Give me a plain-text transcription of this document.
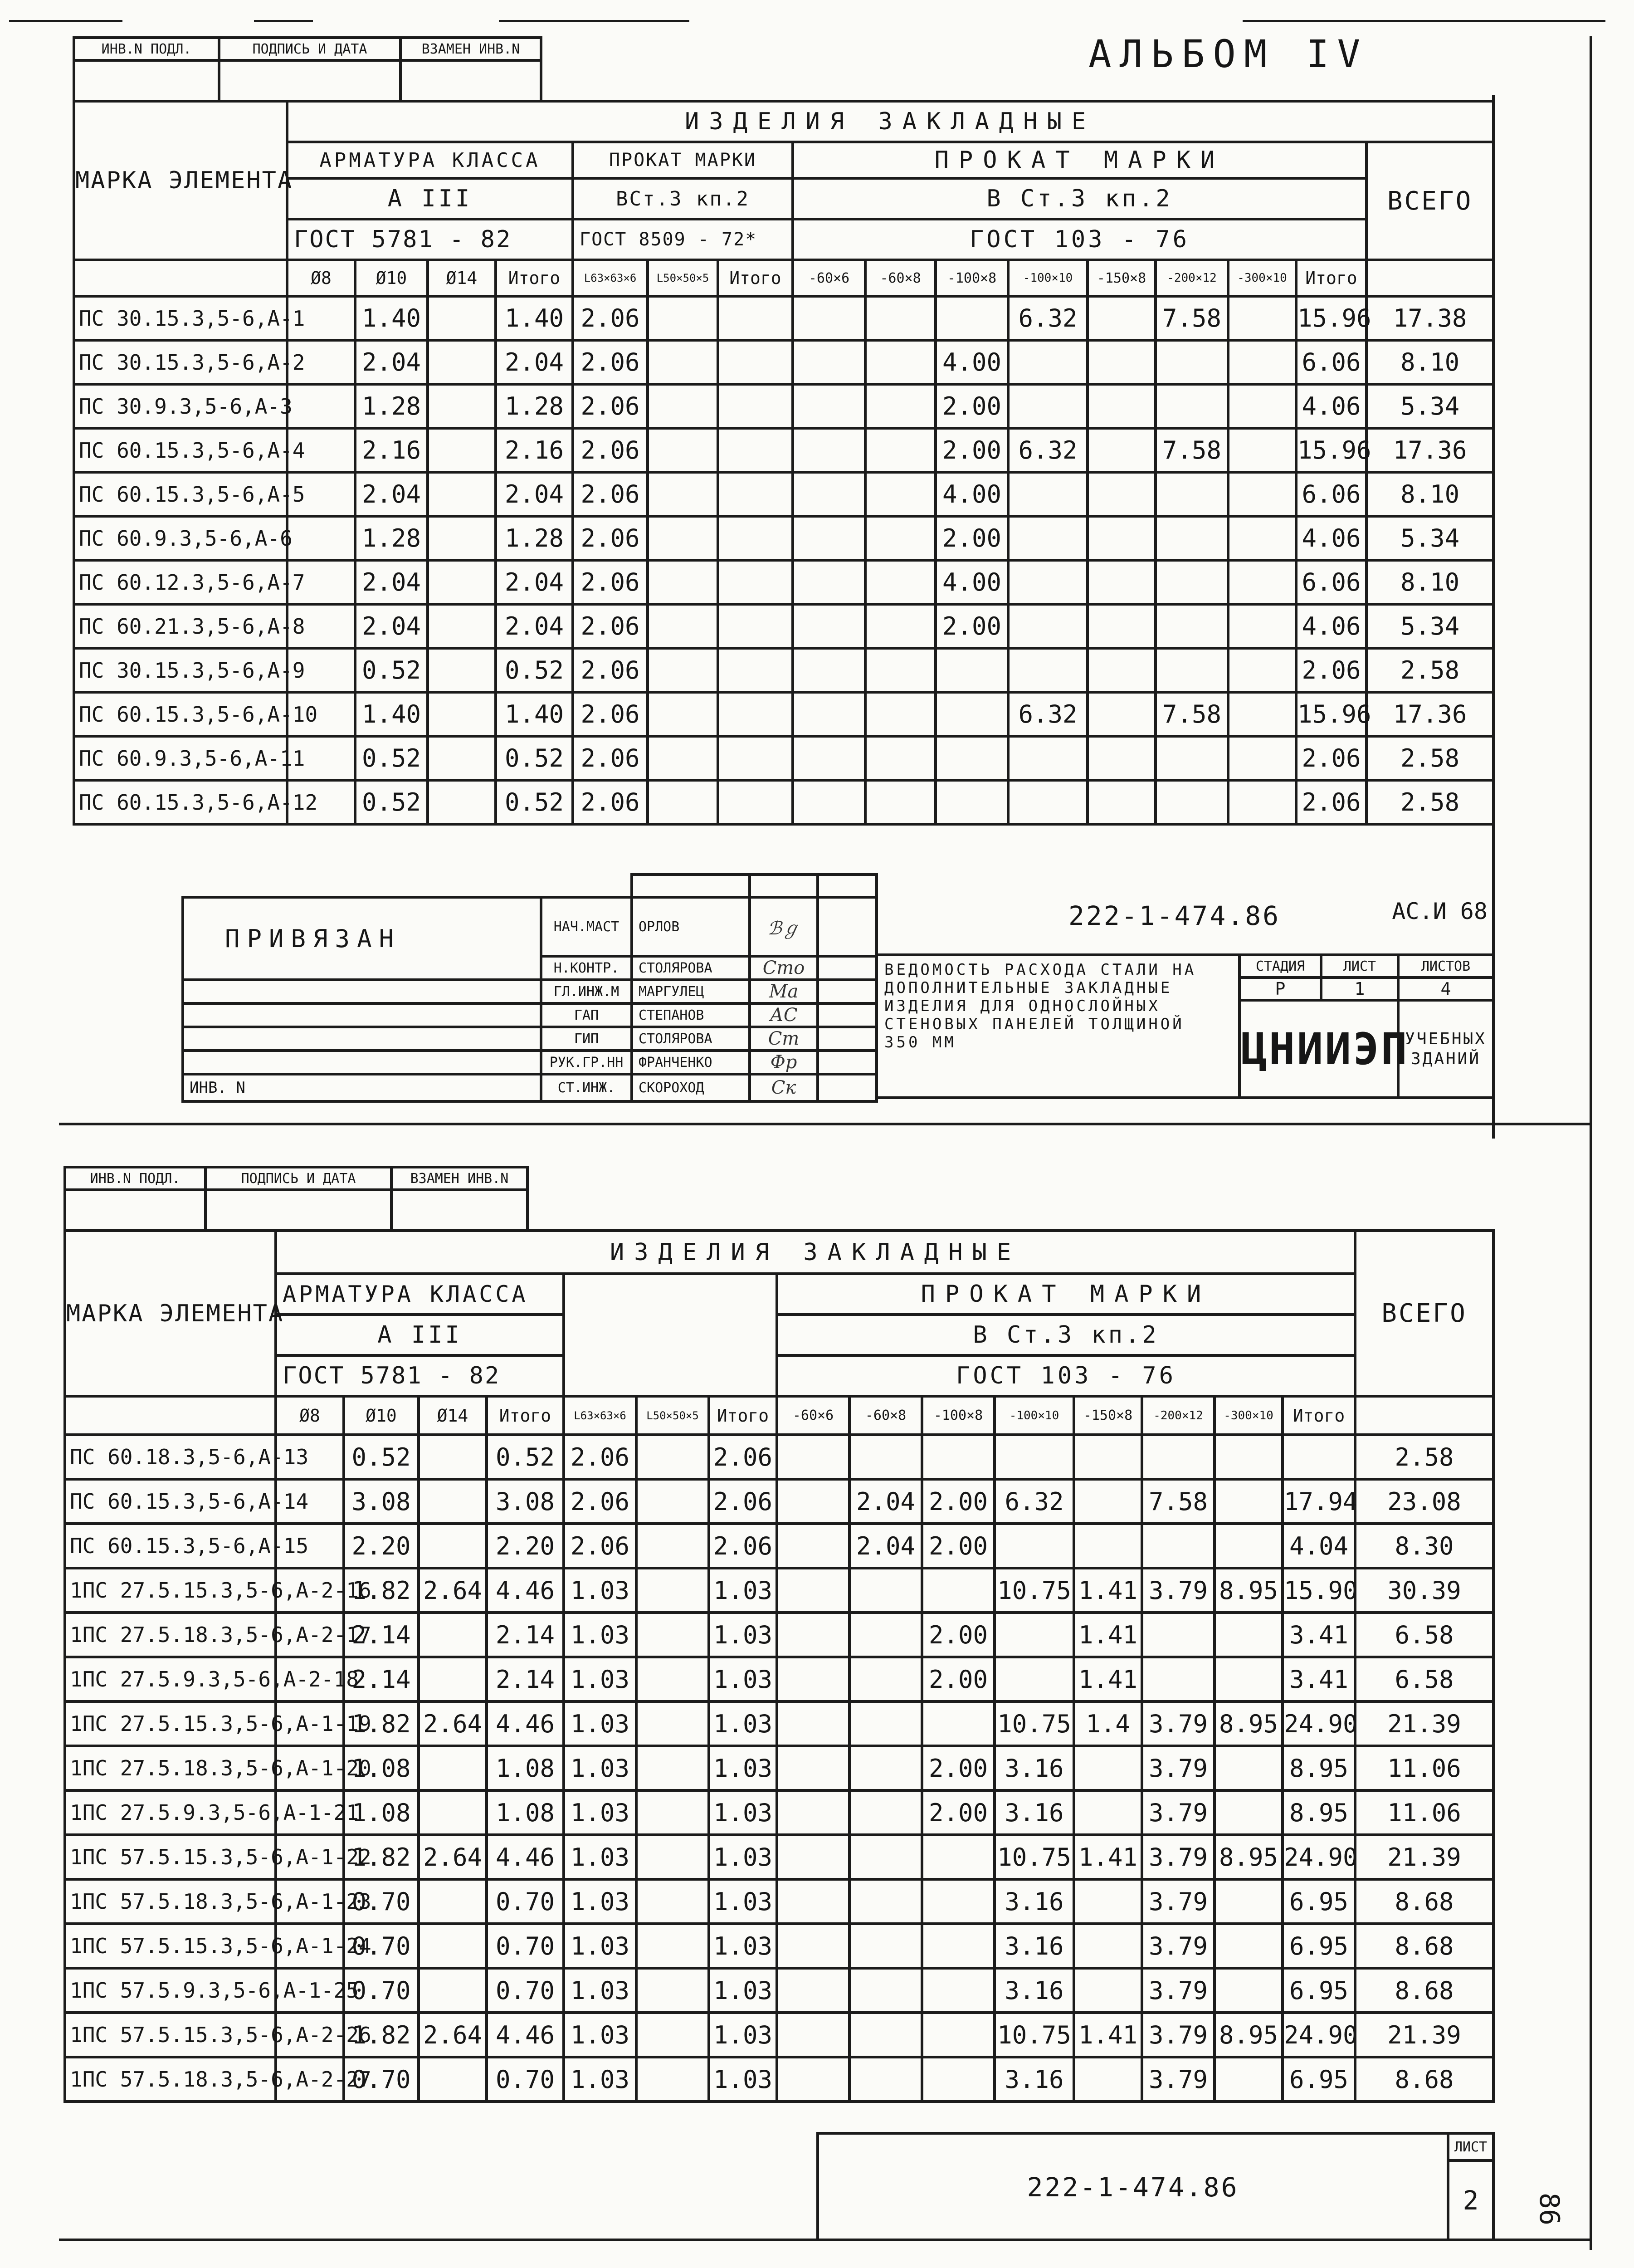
АЛЬБОМ IV
ИНВ.N ПОДЛ.	ПОДПИСЬ И ДАТА	ВЗАМЕН ИНВ.N

МАРКА ЭЛЕМЕНТА	ИЗДЕЛИЯ ЗАКЛАДНЫЕ															
	АРМАТУРА КЛАССА				ПРОКАТ МАРКИ			ПРОКАТ МАРКИ								ВСЕГО
	А III				ВСт.3 кп.2			В Ст.3 кп.2								
	ГОСТ 5781 - 82				ГОСТ 8509 - 72*			ГОСТ 103 - 76								
	Ø8	Ø10	Ø14	Итого	L63×63×6	L50×50×5	Итого	-60×6	-60×8	-100×8	-100×10	-150×8	-200×12	-300×10	Итого	
ПС 30.15.3,5-6,А-1		1.40		1.40	2.06						6.32		7.58		15.96	17.38
ПС 30.15.3,5-6,А-2		2.04		2.04	2.06					4.00					6.06	8.10
ПС 30.9.3,5-6,А-3		1.28		1.28	2.06					2.00					4.06	5.34
ПС 60.15.3,5-6,А-4		2.16		2.16	2.06					2.00	6.32		7.58		15.96	17.36
ПС 60.15.3,5-6,А-5		2.04		2.04	2.06					4.00					6.06	8.10
ПС 60.9.3,5-6,А-6		1.28		1.28	2.06					2.00					4.06	5.34
ПС 60.12.3,5-6,А-7		2.04		2.04	2.06					4.00					6.06	8.10
ПС 60.21.3,5-6,А-8		2.04		2.04	2.06					2.00					4.06	5.34
ПС 30.15.3,5-6,А-9		0.52		0.52	2.06										2.06	2.58
ПС 60.15.3,5-6,А-10		1.40		1.40	2.06						6.32		7.58		15.96	17.36
ПС 60.9.3,5-6,А-11		0.52		0.52	2.06										2.06	2.58
ПС 60.15.3,5-6,А-12		0.52		0.52	2.06										2.06	2.58

ПРИВЯЗАН	НАЧ.МАСТ	ОРЛОВ	ℬℊ	
	Н.КОНТР.	СТОЛЯРОВА	Сто	
	ГЛ.ИНЖ.М	МАРГУЛЕЦ	Ма	
	ГАП	СТЕПАНОВ	АС	
	ГИП	СТОЛЯРОВА	Ст	
	РУК.ГР.НН	ФРАНЧЕНКО	Фр	
ИНВ. N	СТ.ИНЖ.	СКОРОХОД	Ск	
222-1-474.86 АС.И 68			

ВЕДОМОСТЬ РАСХОДА СТАЛИ НА ДОПОЛНИТЕЛЬНЫЕ ЗАКЛАДНЫЕ ИЗДЕЛИЯ ДЛЯ ОДНОСЛОЙНЫХ СТЕНОВЫХ ПАНЕЛЕЙ ТОЛЩИНОЙ 350 ММ	СТАДИЯ	ЛИСТ	ЛИСТОВ
	Р	1	4
	ЦНИИЭП		УЧЕБНЫХ ЗДАНИЙ
ИНВ.N ПОДЛ.	ПОДПИСЬ И ДАТА	ВЗАМЕН ИНВ.N

МАРКА ЭЛЕМЕНТА	ИЗДЕЛИЯ ЗАКЛАДНЫЕ															ВСЕГО
	АРМАТУРА КЛАССА							ПРОКАТ МАРКИ								
	А III							В Ст.3 кп.2								
	ГОСТ 5781 - 82							ГОСТ 103 - 76								
	Ø8	Ø10	Ø14	Итого	L63×63×6	L50×50×5	Итого	-60×6	-60×8	-100×8	-100×10	-150×8	-200×12	-300×10	Итого	
ПС 60.18.3,5-6,А-13		0.52		0.52	2.06		2.06									2.58
ПС 60.15.3,5-6,А-14		3.08		3.08	2.06		2.06		2.04	2.00	6.32		7.58		17.94	23.08
ПС 60.15.3,5-6,А-15		2.20		2.20	2.06		2.06		2.04	2.00					4.04	8.30
1ПС 27.5.15.3,5-6,А-2-16		1.82	2.64	4.46	1.03		1.03				10.75	1.41	3.79	8.95	15.90	30.39
1ПС 27.5.18.3,5-6,А-2-17		2.14		2.14	1.03		1.03			2.00		1.41			3.41	6.58
1ПС 27.5.9.3,5-6,А-2-18		2.14		2.14	1.03		1.03			2.00		1.41			3.41	6.58
1ПС 27.5.15.3,5-6,А-1-19		1.82	2.64	4.46	1.03		1.03				10.75	1.4	3.79	8.95	24.90	21.39
1ПС 27.5.18.3,5-6,А-1-20		1.08		1.08	1.03		1.03			2.00	3.16		3.79		8.95	11.06
1ПС 27.5.9.3,5-6,А-1-21		1.08		1.08	1.03		1.03			2.00	3.16		3.79		8.95	11.06
1ПС 57.5.15.3,5-6,А-1-22		1.82	2.64	4.46	1.03		1.03				10.75	1.41	3.79	8.95	24.90	21.39
1ПС 57.5.18.3,5-6,А-1-23		0.70		0.70	1.03		1.03				3.16		3.79		6.95	8.68
1ПС 57.5.15.3,5-6,А-1-24		0.70		0.70	1.03		1.03				3.16		3.79		6.95	8.68
1ПС 57.5.9.3,5-6,А-1-25		0.70		0.70	1.03		1.03				3.16		3.79		6.95	8.68
1ПС 57.5.15.3,5-6,А-2-26		1.82	2.64	4.46	1.03		1.03				10.75	1.41	3.79	8.95	24.90	21.39
1ПС 57.5.18.3,5-6,А-2-27		0.70		0.70	1.03		1.03				3.16		3.79		6.95	8.68
222-1-474.86	ЛИСТ
2 86
